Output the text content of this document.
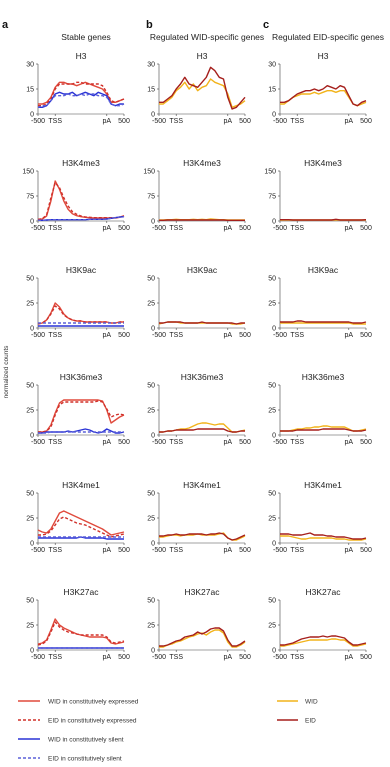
a	b	c
Stable genes	Regulated WID-specific genes Regulated EID-specific genes
normalized counts
H3
0
15
30
-500 TSS	pA 500
H3
0
15
30
-500 TSS	pA 500
H3
0
15
30
-500 TSS	pA 500
H3K4me3
0
75
150
-500 TSS	pA 500
H3K4me3
0
75
150
-500 TSS	pA 500
H3K4me3
0
75
150
-500 TSS	pA 500
H3K9ac
0
25
50
-500 TSS	pA 500
H3K9ac
0
25
50
-500 TSS	pA 500
H3K9ac
0
25
50
-500 TSS	pA 500
H3K36me3
0
25
50
-500 TSS	pA 500
H3K36me3
0
25
50
-500 TSS	pA 500
H3K36me3
0
25
50
-500 TSS	pA 500
H3K4me1
0
25
50
-500 TSS	pA 500
H3K4me1
0
25
50
-500 TSS	pA 500
H3K4me1
0
25
50
-500 TSS	pA 500
H3K27ac
0
25
50
-500 TSS	pA 500
H3K27ac
0
25
50
-500 TSS	pA 500
H3K27ac
0
25
50
-500 TSS	pA 500
WID in constitutively expressed
EID in constitutively expressed
WID in constitutively silent
EID in constitutively silent
WID
EID
